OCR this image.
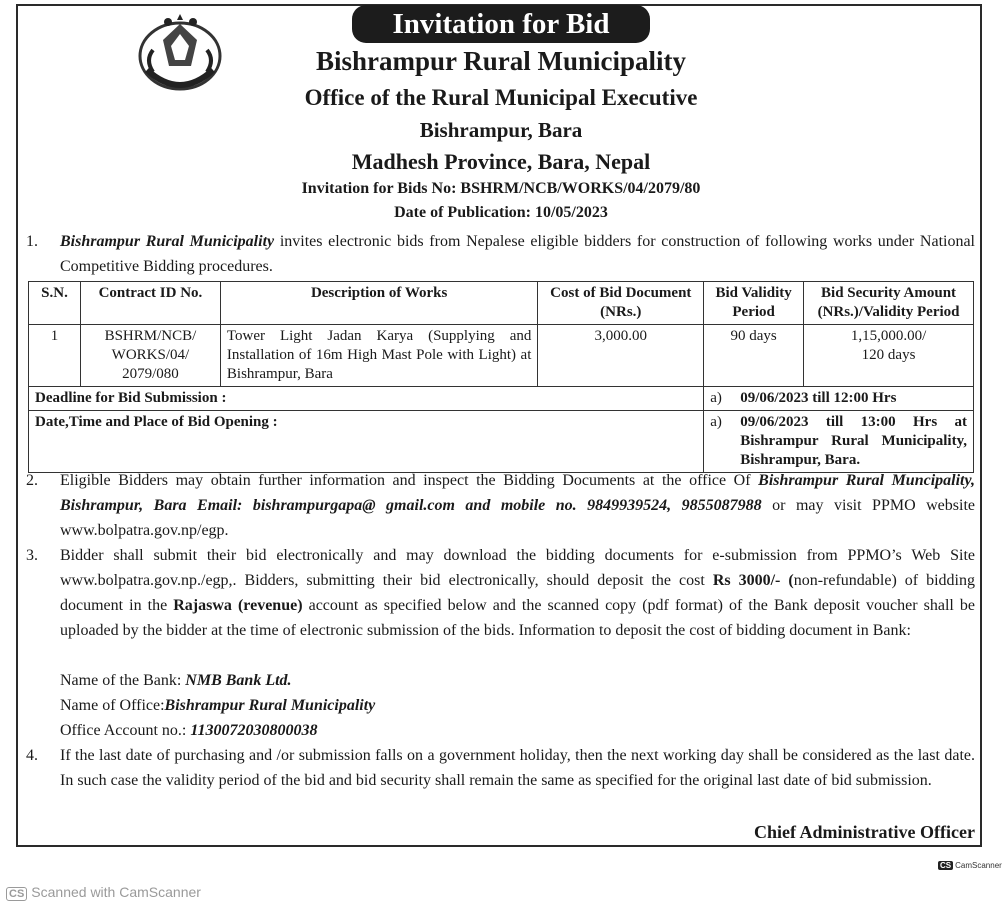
Invitation for Bid
Bishrampur Rural Municipality
Office of the Rural Municipal Executive
Bishrampur, Bara
Madhesh Province, Bara, Nepal
Invitation for Bids No: BSHRM/NCB/WORKS/04/2079/80
Date of Publication: 10/05/2023
1. Bishrampur Rural Municipality invites electronic bids from Nepalese eligible bidders for construction of following works under National Competitive Bidding procedures.
S.N.	Contract ID No.	Description of Works	Cost of Bid Document (NRs.)	Bid Validity Period	Bid Security Amount (NRs.)/Validity Period
1	BSHRM/NCB/ WORKS/04/ 2079/080	Tower Light Jadan Karya (Supplying and Installation of 16m High Mast Pole with Light) at Bishrampur, Bara	3,000.00	90 days	1,15,000.00/
120 days
Deadline for Bid Submission :				a) 09/06/2023 till 12:00 Hrs	

Date,Time and Place of Bid Opening :				a) 09/06/2023 till 13:00 Hrs at Bishrampur Rural Municipality, Bishrampur, Bara.	
2. Eligible Bidders may obtain further information and inspect the Bidding Documents at the office Of Bishrampur Rural Muncipality, Bishrampur, Bara Email: bishrampurgapa@ gmail.com and mobile no. 9849939524, 9855087988 or may visit PPMO website www.bolpatra.gov.np/egp.
3. Bidder shall submit their bid electronically and may download the bidding documents for e-submission from PPMO’s Web Site www.bolpatra.gov.np./egp,. Bidders, submitting their bid electronically, should deposit the cost Rs 3000/- (non-refundable) of bidding document in the Rajaswa (revenue) account as specified below and the scanned copy (pdf format) of the Bank deposit voucher shall be uploaded by the bidder at the time of electronic submission of the bids. Information to deposit the cost of bidding document in Bank:
Name of the Bank: NMB Bank Ltd.
Name of Office:Bishrampur Rural Municipality
Office Account no.: 1130072030800038
4. If the last date of purchasing and /or submission falls on a government holiday, then the next working day shall be considered as the last date. In such case the validity period of the bid and bid security shall remain the same as specified for the original last date of bid submission.
Chief Administrative Officer
CS Scanned with CamScanner
CS CamScanner
